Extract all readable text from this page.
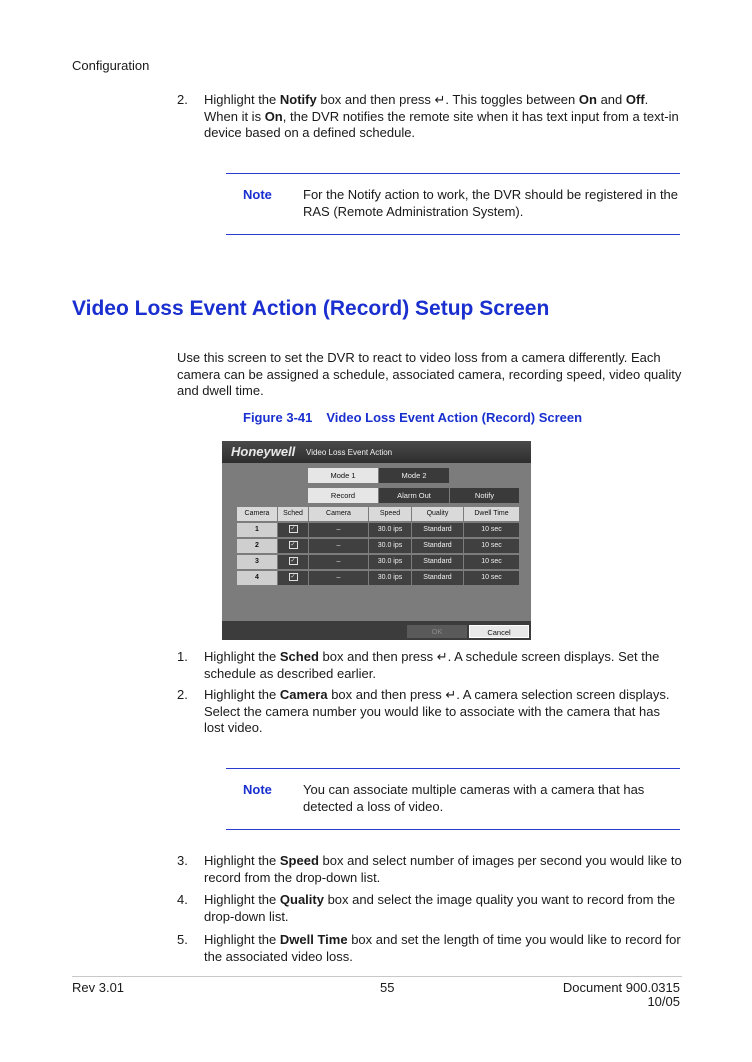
Configuration
2. Highlight the Notify box and then press ↵. This toggles between On and Off. When it is On, the DVR notifies the remote site when it has text input from a text-in device based on a defined schedule.
Note For the Notify action to work, the DVR should be registered in the RAS (Remote Administration System).
Video Loss Event Action (Record) Setup Screen
Use this screen to set the DVR to react to video loss from a camera differently. Each camera can be assigned a schedule, associated camera, recording speed, video quality and dwell time.
Figure 3-41 Video Loss Event Action (Record) Screen
Honeywell Video Loss Event Action
Mode 1	Mode 2
Record	Alarm Out	Notify
Camera	Sched	Camera	Speed	Quality	Dwell Time
1	✓	–	30.0 ips	Standard	10 sec
2	✓	–	30.0 ips	Standard	10 sec
3	✓	–	30.0 ips	Standard	10 sec
4	✓	–	30.0 ips	Standard	10 sec
OK	Cancel
1. Highlight the Sched box and then press ↵. A schedule screen displays. Set the schedule as described earlier.
2. Highlight the Camera box and then press ↵. A camera selection screen displays. Select the camera number you would like to associate with the camera that has lost video.
Note You can associate multiple cameras with a camera that has detected a loss of video.
3. Highlight the Speed box and select number of images per second you would like to record from the drop-down list.
4. Highlight the Quality box and select the image quality you want to record from the drop-down list.
5. Highlight the Dwell Time box and set the length of time you would like to record for the associated video loss.
Rev 3.01	55	Document 900.0315
10/05
